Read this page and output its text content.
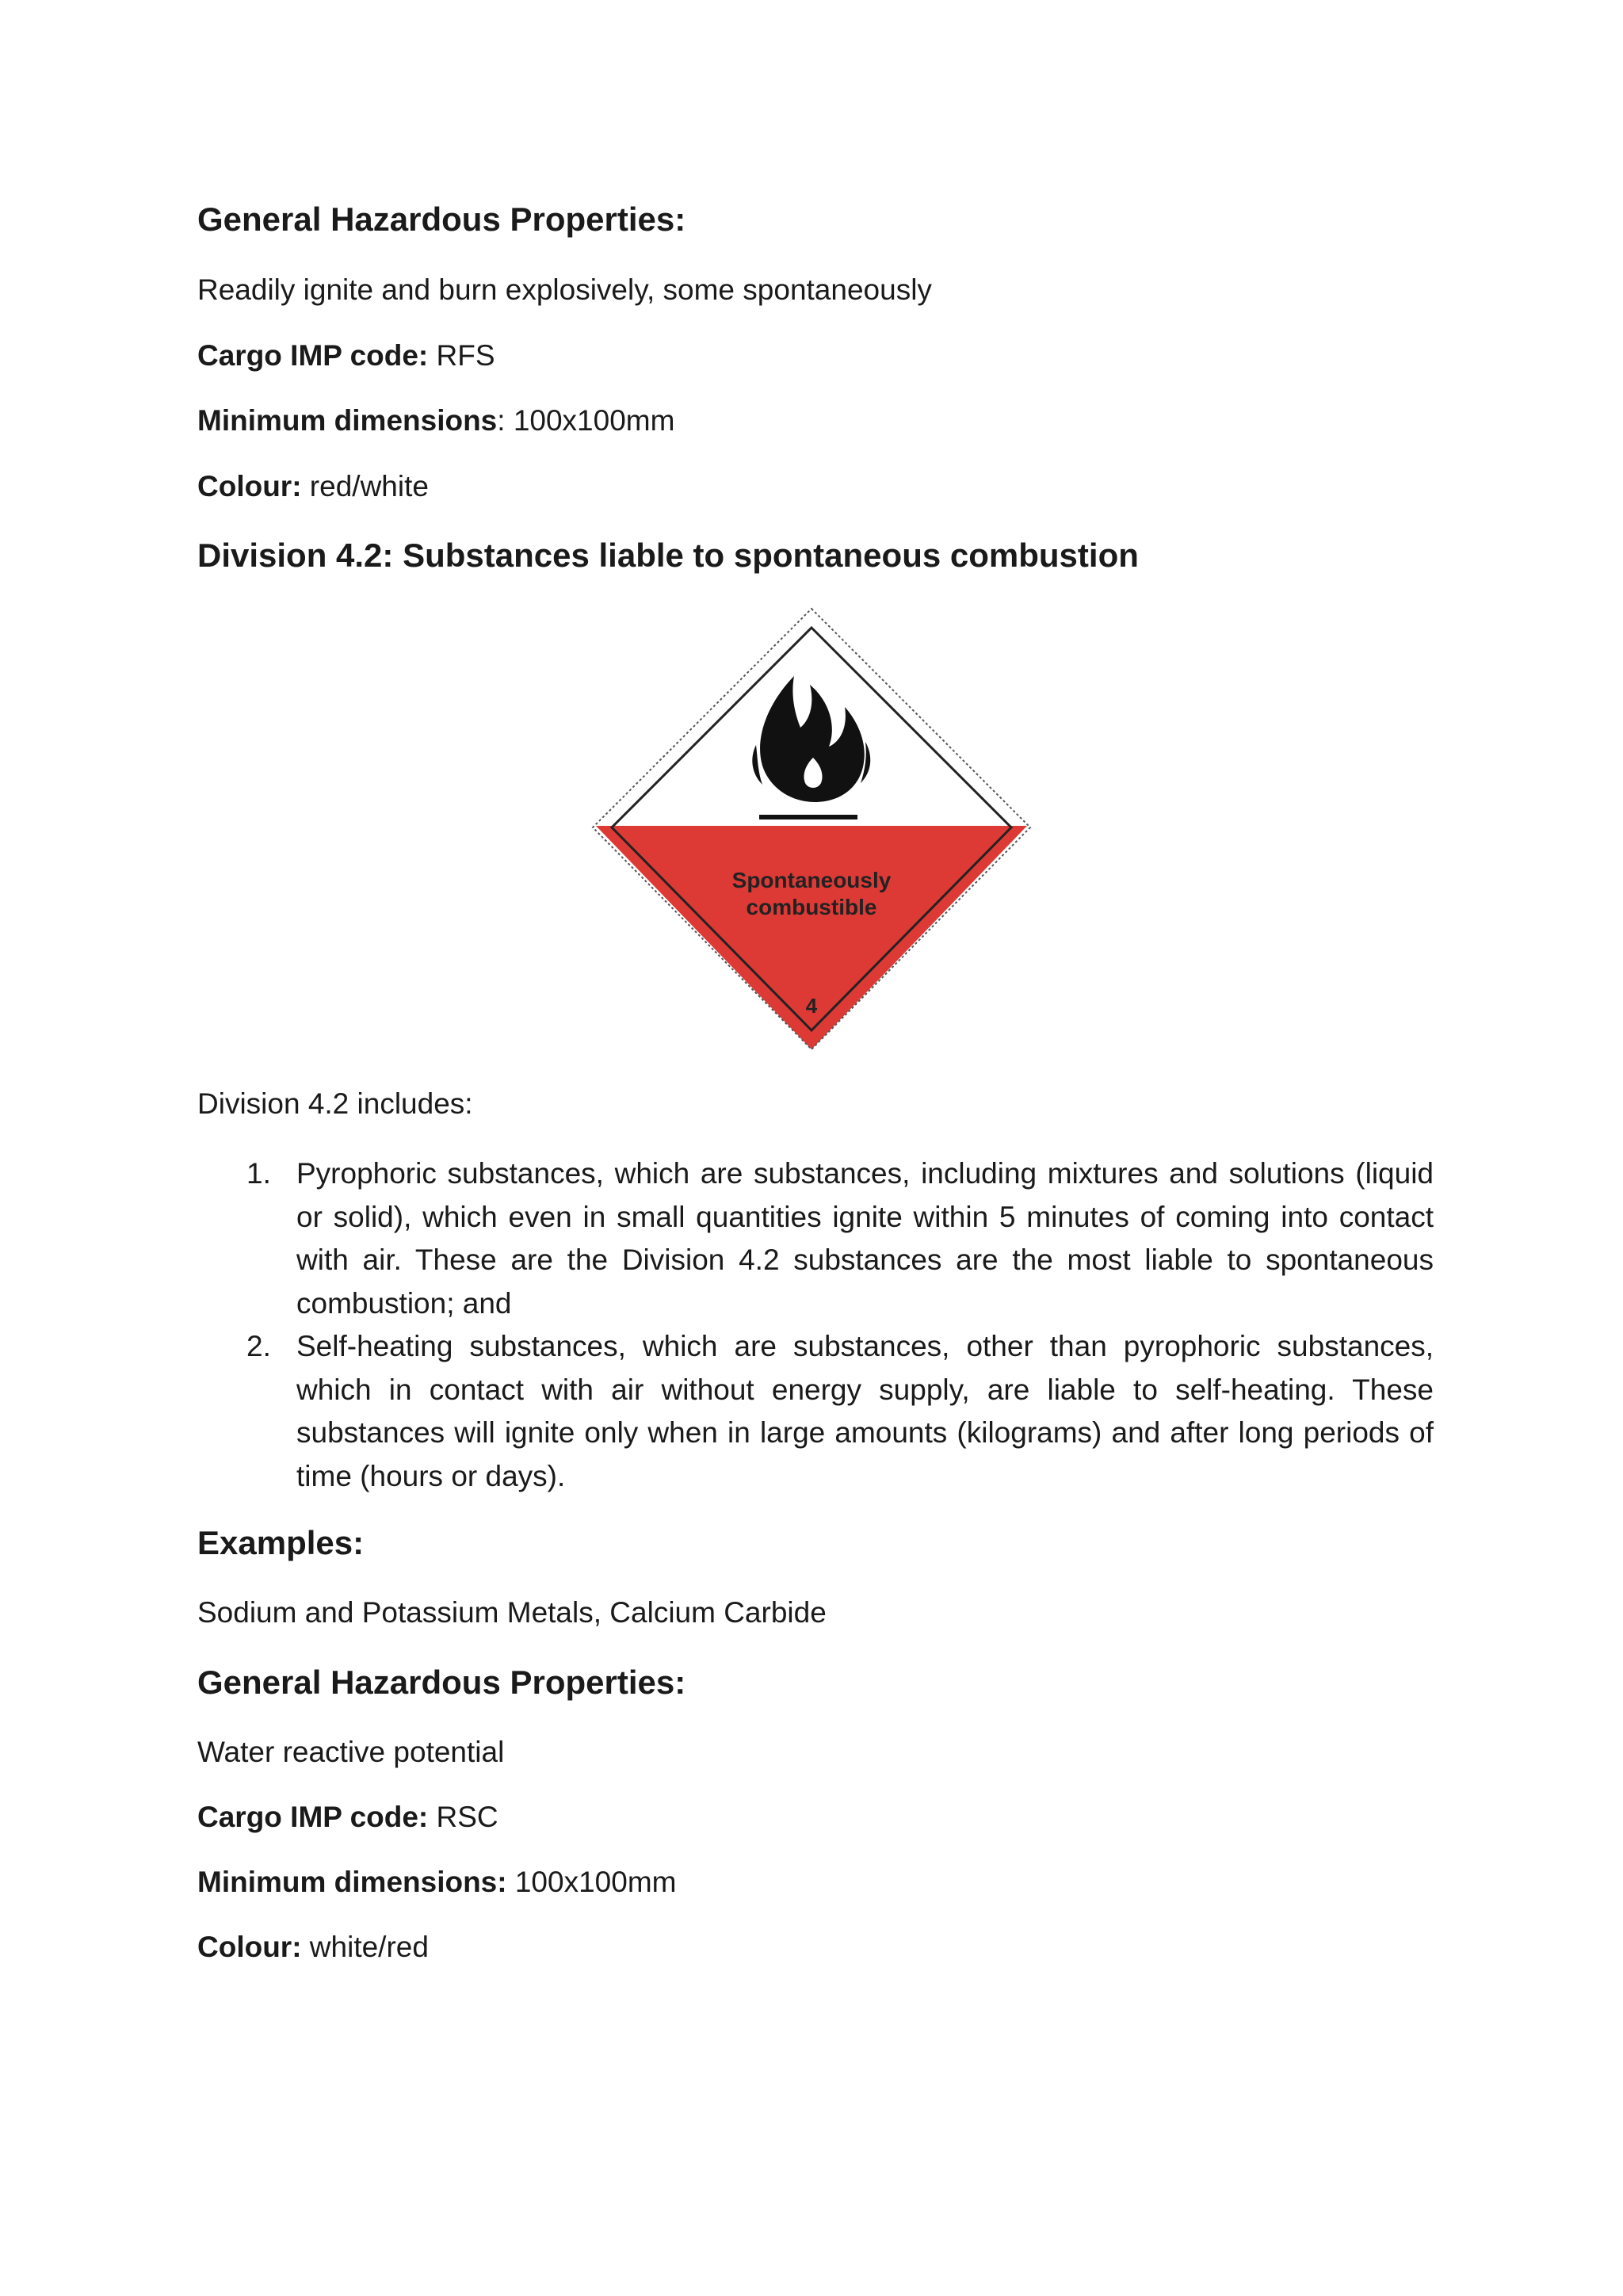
General Hazardous Properties:

Readily ignite and burn explosively, some spontaneously

Cargo IMP code: RFS

Minimum dimensions: 100x100mm

Colour: red/white

Division 4.2: Substances liable to spontaneous combustion
Spontaneously
combustible
4

Division 4.2 includes:

1. Pyrophoric substances, which are substances, including mixtures and solutions (liquid or solid), which even in small quantities ignite within 5 minutes of coming into contact with air. These are the Division 4.2 substances are the most liable to spontaneous combustion; and
2. Self-heating substances, which are substances, other than pyrophoric substances, which in contact with air without energy supply, are liable to self-heating. These substances will ignite only when in large amounts (kilograms) and after long periods of time (hours or days).
Examples:

Sodium and Potassium Metals, Calcium Carbide

General Hazardous Properties:

Water reactive potential

Cargo IMP code: RSC

Minimum dimensions: 100x100mm

Colour: white/red
